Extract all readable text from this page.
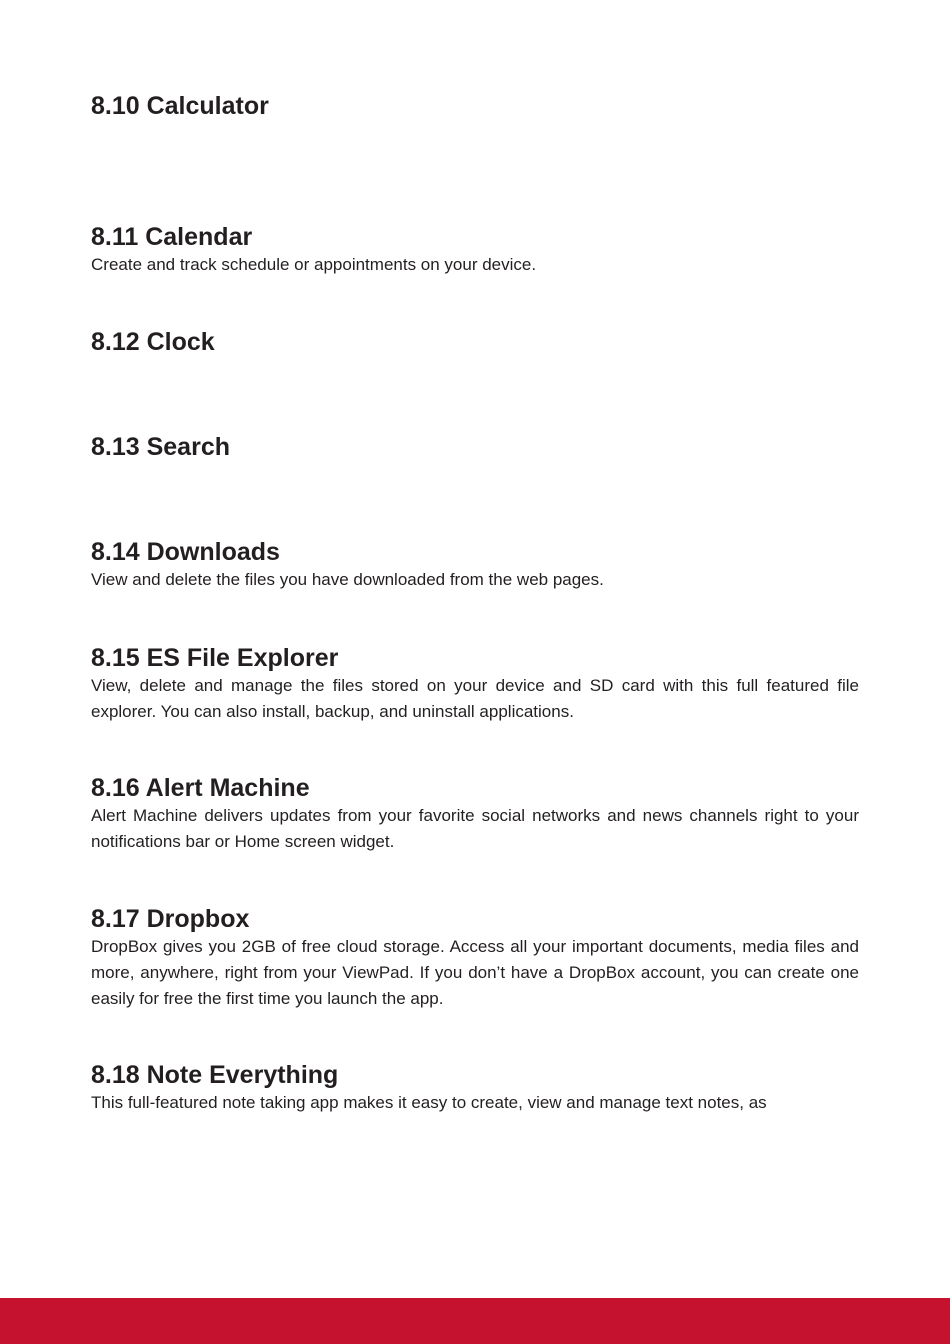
8.10 Calculator
8.11 Calendar

Create and track schedule or appointments on your device.

8.12 Clock
8.13 Search
8.14 Downloads

View and delete the files you have downloaded from the web pages.

8.15 ES File Explorer

View, delete and manage the files stored on your device and SD card with this full featured file explorer. You can also install, backup, and uninstall applications.

8.16 Alert Machine

Alert Machine delivers updates from your favorite social networks and news channels right to your notifications bar or Home screen widget.

8.17 Dropbox

DropBox gives you 2GB of free cloud storage. Access all your important documents, media files and more, anywhere, right from your ViewPad. If you don’t have a DropBox account, you can create one easily for free the first time you launch the app.

8.18 Note Everything

This full-featured note taking app makes it easy to create, view and manage text notes, as
